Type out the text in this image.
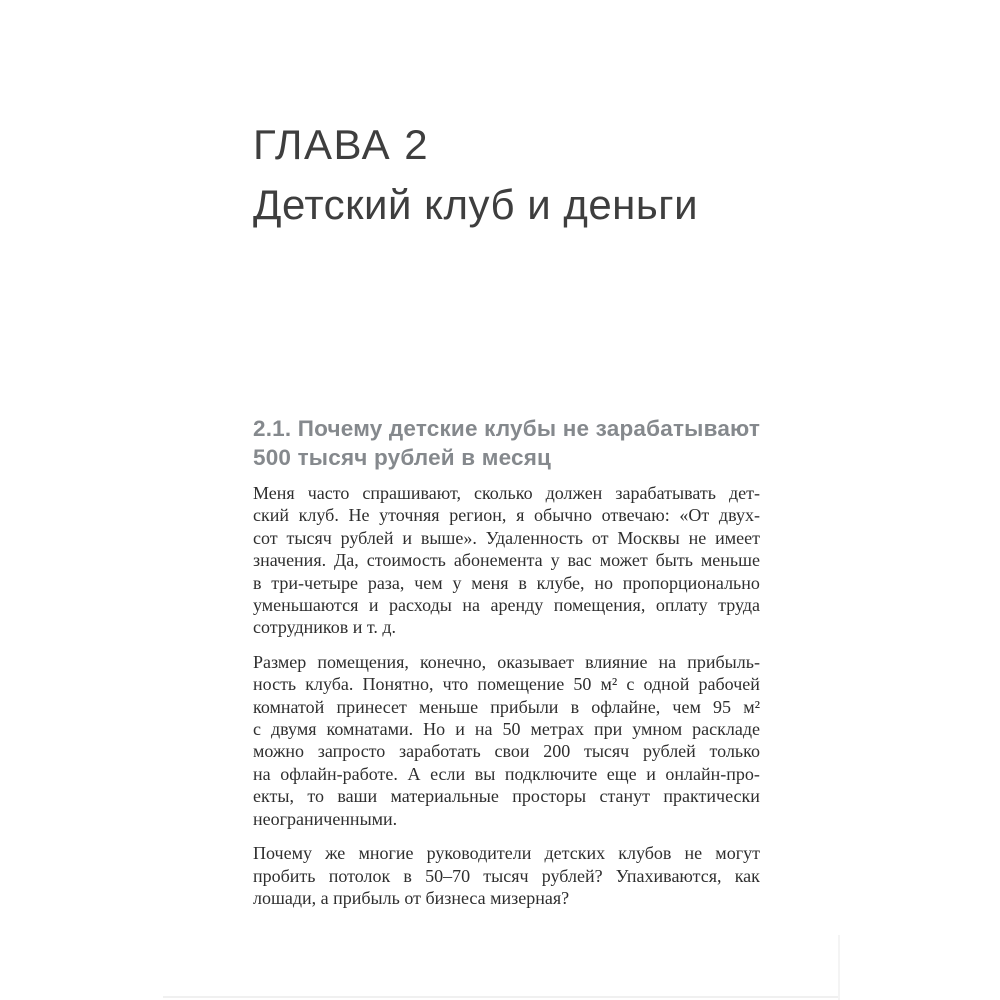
ГЛАВА 2
Детский клуб и деньги
2.1. Почему детские клубы не зарабатывают
500 тысяч рублей в месяц
Меня часто спрашивают, сколько должен зарабатывать дет-
ский клуб. Не уточняя регион, я обычно отвечаю: «От двух-
сот тысяч рублей и выше». Удаленность от Москвы не имеет
значения. Да, стоимость абонемента у вас может быть меньше
в три-четыре раза, чем у меня в клубе, но пропорционально
уменьшаются и расходы на аренду помещения, оплату труда
сотрудников и т. д.
Размер помещения, конечно, оказывает влияние на прибыль-
ность клуба. Понятно, что помещение 50 м² с одной рабочей
комнатой принесет меньше прибыли в офлайне, чем 95 м²
с двумя комнатами. Но и на 50 метрах при умном раскладе
можно запросто заработать свои 200 тысяч рублей только
на офлайн-работе. А если вы подключите еще и онлайн-про-
екты, то ваши материальные просторы станут практически
неограниченными.
Почему же многие руководители детских клубов не могут
пробить потолок в 50–70 тысяч рублей? Упахиваются, как
лошади, а прибыль от бизнеса мизерная?
